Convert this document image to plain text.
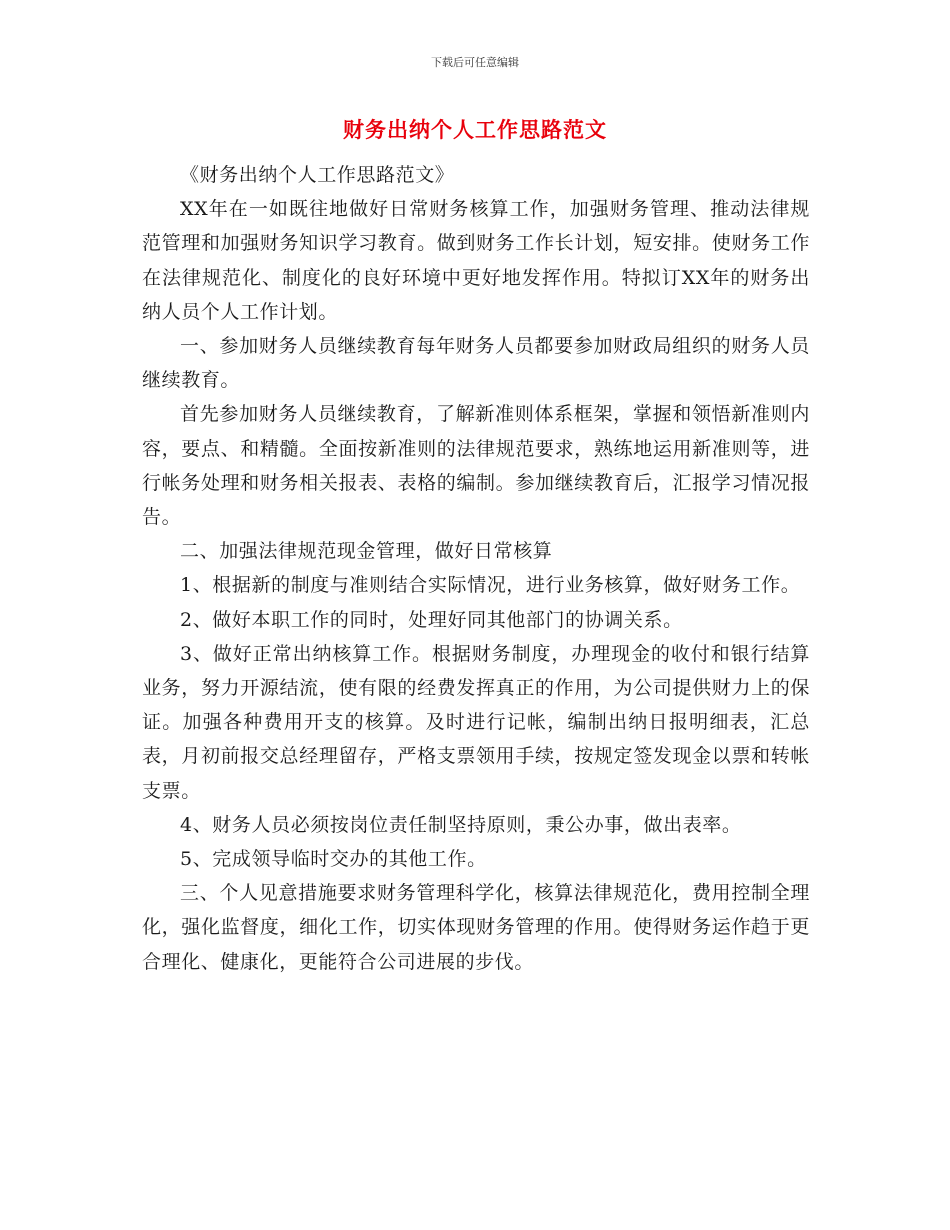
下载后可任意编辑
财务出纳个人工作思路范文

《财务出纳个人工作思路范文》

XX年在一如既往地做好日常财务核算工作，加强财务管理、推动法律规范管理和加强财务知识学习教育。做到财务工作长计划，短安排。使财务工作在法律规范化、制度化的良好环境中更好地发挥作用。特拟订XX年的财务出纳人员个人工作计划。

一、参加财务人员继续教育每年财务人员都要参加财政局组织的财务人员继续教育。

首先参加财务人员继续教育，了解新准则体系框架，掌握和领悟新准则内容，要点、和精髓。全面按新准则的法律规范要求，熟练地运用新准则等，进行帐务处理和财务相关报表、表格的编制。参加继续教育后，汇报学习情况报告。

二、加强法律规范现金管理，做好日常核算

1、根据新的制度与准则结合实际情况，进行业务核算，做好财务工作。

2、做好本职工作的同时，处理好同其他部门的协调关系。

3、做好正常出纳核算工作。根据财务制度，办理现金的收付和银行结算业务，努力开源结流，使有限的经费发挥真正的作用，为公司提供财力上的保证。加强各种费用开支的核算。及时进行记帐，编制出纳日报明细表，汇总表，月初前报交总经理留存，严格支票领用手续，按规定签发现金以票和转帐支票。

4、财务人员必须按岗位责任制坚持原则，秉公办事，做出表率。

5、完成领导临时交办的其他工作。

三、个人见意措施要求财务管理科学化，核算法律规范化，费用控制全理化，强化监督度，细化工作，切实体现财务管理的作用。使得财务运作趋于更合理化、健康化，更能符合公司进展的步伐。
